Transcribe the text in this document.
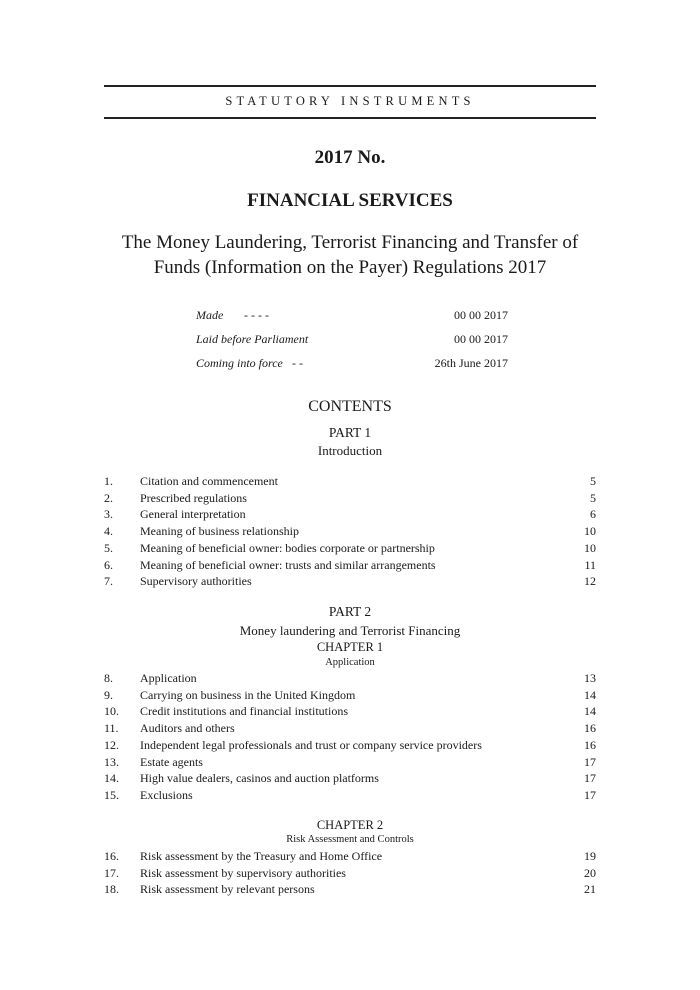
STATUTORY INSTRUMENTS
2017 No.
FINANCIAL SERVICES
The Money Laundering, Terrorist Financing and Transfer of Funds (Information on the Payer) Regulations 2017
Made - - - -	00 00 2017
Laid before Parliament	00 00 2017
Coming into force - -	26th June 2017
CONTENTS
PART 1
Introduction
1. Citation and commencement	5
2. Prescribed regulations	5
3. General interpretation	6
4. Meaning of business relationship	10
5. Meaning of beneficial owner: bodies corporate or partnership	10
6. Meaning of beneficial owner: trusts and similar arrangements	11
7. Supervisory authorities	12
PART 2
Money laundering and Terrorist Financing
CHAPTER 1
Application
8. Application	13
9. Carrying on business in the United Kingdom	14
10. Credit institutions and financial institutions	14
11. Auditors and others	16
12. Independent legal professionals and trust or company service providers	16
13. Estate agents	17
14. High value dealers, casinos and auction platforms	17
15. Exclusions	17
CHAPTER 2
Risk Assessment and Controls
16. Risk assessment by the Treasury and Home Office	19
17. Risk assessment by supervisory authorities	20
18. Risk assessment by relevant persons	21
